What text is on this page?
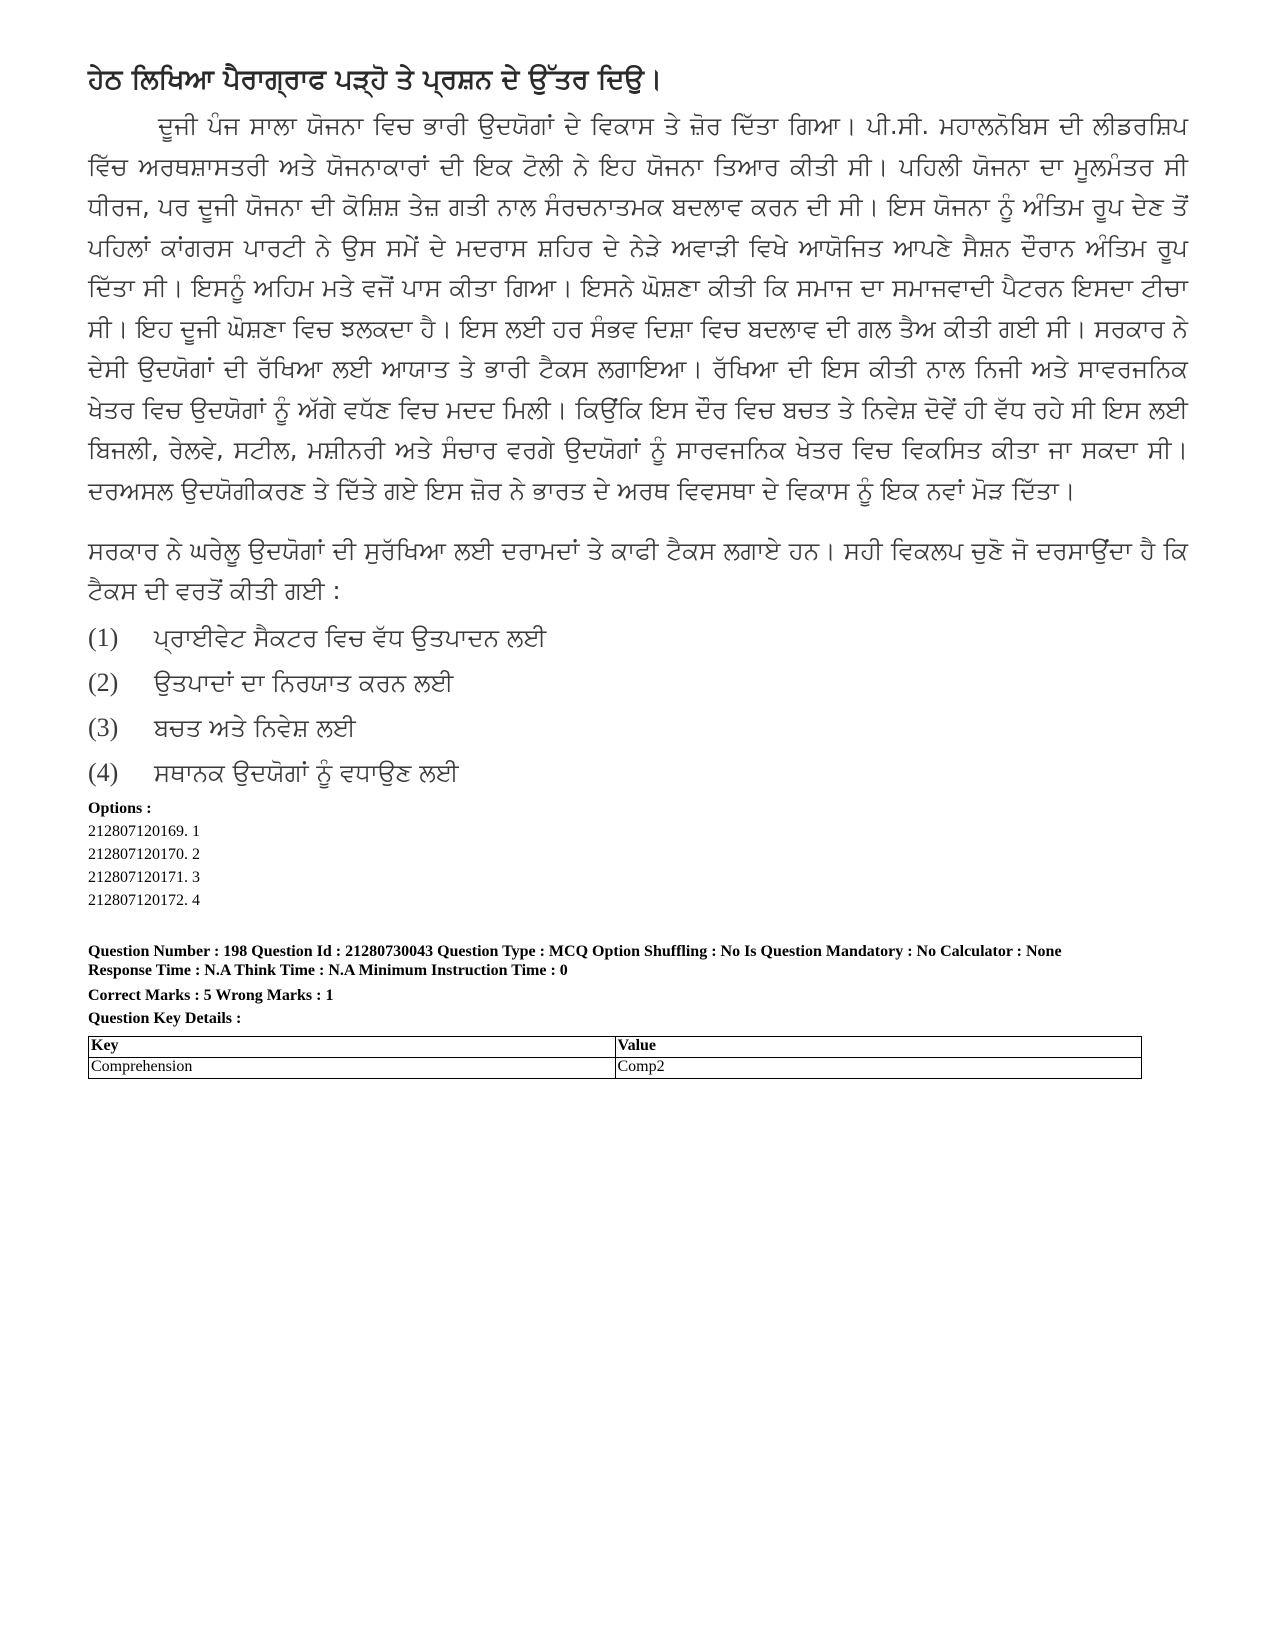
ਹੇਠ ਲਿਖਿਆ ਪੈਰਾਗ੍ਰਾਫ ਪੜ੍ਹੋ ਤੇ ਪ੍ਰਸ਼ਨ ਦੇ ਉੱਤਰ ਦਿਉ।

ਦੂਜੀ ਪੰਜ ਸਾਲਾ ਯੋਜਨਾ ਵਿਚ ਭਾਰੀ ਉਦਯੋਗਾਂ ਦੇ ਵਿਕਾਸ ਤੇ ਜ਼ੋਰ ਦਿੱਤਾ ਗਿਆ। ਪੀ.ਸੀ. ਮਹਾਲਨੋਬਿਸ ਦੀ ਲੀਡਰਸ਼ਿਪ ਵਿੱਚ ਅਰਥਸ਼ਾਸਤਰੀ ਅਤੇ ਯੋਜਨਾਕਾਰਾਂ ਦੀ ਇਕ ਟੋਲੀ ਨੇ ਇਹ ਯੋਜਨਾ ਤਿਆਰ ਕੀਤੀ ਸੀ। ਪਹਿਲੀ ਯੋਜਨਾ ਦਾ ਮੂਲਮੰਤਰ ਸੀ ਧੀਰਜ, ਪਰ ਦੂਜੀ ਯੋਜਨਾ ਦੀ ਕੋਸ਼ਿਸ਼ ਤੇਜ਼ ਗਤੀ ਨਾਲ ਸੰਰਚਨਾਤਮਕ ਬਦਲਾਵ ਕਰਨ ਦੀ ਸੀ। ਇਸ ਯੋਜਨਾ ਨੂੰ ਅੰਤਿਮ ਰੂਪ ਦੇਣ ਤੋਂ ਪਹਿਲਾਂ ਕਾਂਗਰਸ ਪਾਰਟੀ ਨੇ ਉਸ ਸਮੇਂ ਦੇ ਮਦਰਾਸ ਸ਼ਹਿਰ ਦੇ ਨੇੜੇ ਅਵਾੜੀ ਵਿਖੇ ਆਯੋਜਿਤ ਆਪਣੇ ਸੈਸ਼ਨ ਦੌਰਾਨ ਅੰਤਿਮ ਰੂਪ ਦਿੱਤਾ ਸੀ। ਇਸਨੂੰ ਅਹਿਮ ਮਤੇ ਵਜੋਂ ਪਾਸ ਕੀਤਾ ਗਿਆ। ਇਸਨੇ ਘੋਸ਼ਣਾ ਕੀਤੀ ਕਿ ਸਮਾਜ ਦਾ ਸਮਾਜਵਾਦੀ ਪੈਟਰਨ ਇਸਦਾ ਟੀਚਾ ਸੀ। ਇਹ ਦੂਜੀ ਘੋਸ਼ਣਾ ਵਿਚ ਝਲਕਦਾ ਹੈ। ਇਸ ਲਈ ਹਰ ਸੰਭਵ ਦਿਸ਼ਾ ਵਿਚ ਬਦਲਾਵ ਦੀ ਗਲ ਤੈਅ ਕੀਤੀ ਗਈ ਸੀ। ਸਰਕਾਰ ਨੇ ਦੇਸੀ ਉਦਯੋਗਾਂ ਦੀ ਰੱਖਿਆ ਲਈ ਆਯਾਤ ਤੇ ਭਾਰੀ ਟੈਕਸ ਲਗਾਇਆ। ਰੱਖਿਆ ਦੀ ਇਸ ਕੀਤੀ ਨਾਲ ਨਿਜੀ ਅਤੇ ਸਾਵਰਜਨਿਕ ਖੇਤਰ ਵਿਚ ਉਦਯੋਗਾਂ ਨੂੰ ਅੱਗੇ ਵਧੱਣ ਵਿਚ ਮਦਦ ਮਿਲੀ। ਕਿਉਂਕਿ ਇਸ ਦੌਰ ਵਿਚ ਬਚਤ ਤੇ ਨਿਵੇਸ਼ ਦੋਵੇਂ ਹੀ ਵੱਧ ਰਹੇ ਸੀ ਇਸ ਲਈ ਬਿਜਲੀ, ਰੇਲਵੇ, ਸਟੀਲ, ਮਸ਼ੀਨਰੀ ਅਤੇ ਸੰਚਾਰ ਵਰਗੇ ਉਦਯੋਗਾਂ ਨੂੰ ਸਾਰਵਜਨਿਕ ਖੇਤਰ ਵਿਚ ਵਿਕਸਿਤ ਕੀਤਾ ਜਾ ਸਕਦਾ ਸੀ। ਦਰਅਸਲ ਉਦਯੋਗੀਕਰਣ ਤੇ ਦਿੱਤੇ ਗਏ ਇਸ ਜ਼ੋਰ ਨੇ ਭਾਰਤ ਦੇ ਅਰਥ ਵਿਵਸਥਾ ਦੇ ਵਿਕਾਸ ਨੂੰ ਇਕ ਨਵਾਂ ਮੋੜ ਦਿੱਤਾ।

ਸਰਕਾਰ ਨੇ ਘਰੇਲੂ ਉਦਯੋਗਾਂ ਦੀ ਸੁਰੱਖਿਆ ਲਈ ਦਰਾਮਦਾਂ ਤੇ ਕਾਫੀ ਟੈਕਸ ਲਗਾਏ ਹਨ। ਸਹੀ ਵਿਕਲਪ ਚੁਣੋ ਜੋ ਦਰਸਾਉਂਦਾ ਹੈ ਕਿ ਟੈਕਸ ਦੀ ਵਰਤੋਂ ਕੀਤੀ ਗਈ :

(1)	ਪ੍ਰਾਈਵੇਟ ਸੈਕਟਰ ਵਿਚ ਵੱਧ ਉਤਪਾਦਨ ਲਈ
(2)	ਉਤਪਾਦਾਂ ਦਾ ਨਿਰਯਾਤ ਕਰਨ ਲਈ
(3)	ਬਚਤ ਅਤੇ ਨਿਵੇਸ਼ ਲਈ
(4)	ਸਥਾਨਕ ਉਦਯੋਗਾਂ ਨੂੰ ਵਧਾਉਣ ਲਈ
Options :
212807120169. 1
212807120170. 2
212807120171. 3
212807120172. 4
Question Number : 198 Question Id : 21280730043 Question Type : MCQ Option Shuffling : No Is Question Mandatory : No Calculator : None
Response Time : N.A Think Time : N.A Minimum Instruction Time : 0
Correct Marks : 5 Wrong Marks : 1
Question Key Details :
Key	Value
Comprehension	Comp2
